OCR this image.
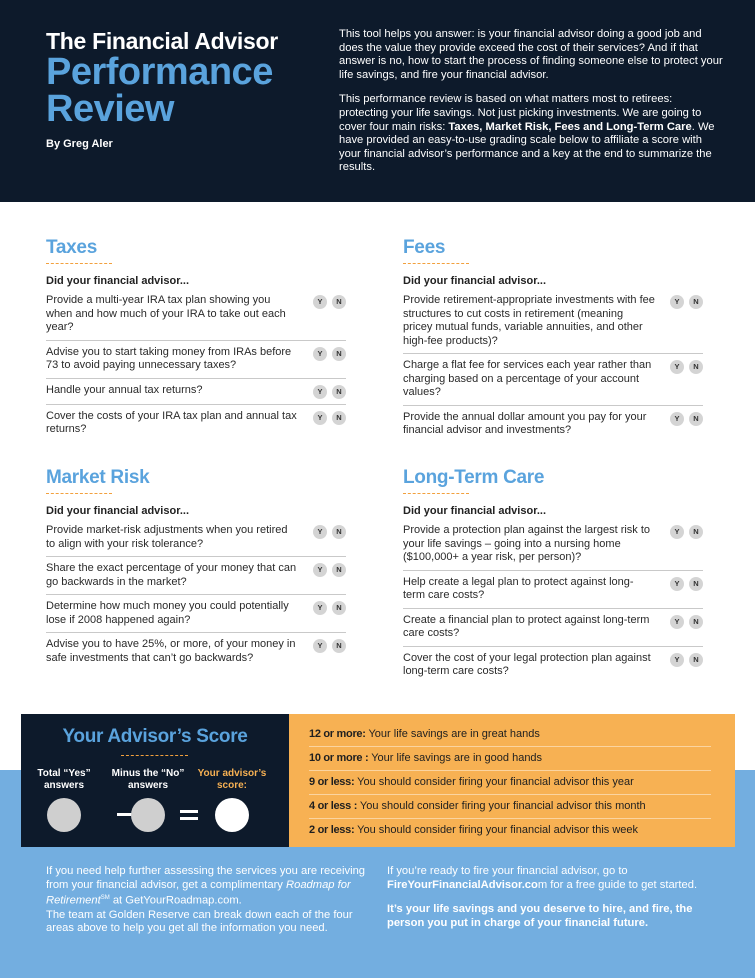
The Financial Advisor
Performance
Review
By Greg Aler

This tool helps you answer: is your financial advisor doing a good job and does the value they provide exceed the cost of their services? And if that answer is no, how to start the process of finding someone else to protect your life savings, and fire your financial advisor.

This performance review is based on what matters most to retirees: protecting your life savings. Not just picking investments. We are going to cover four main risks: Taxes, Market Risk, Fees and Long-Term Care. We have provided an easy-to-use grading scale below to affiliate a score with your financial advisor’s performance and a key at the end to summarize the results.

Taxes
Did your financial advisor...
Provide a multi-year IRA tax plan showing you when and how much of your IRA to take out each year?
Y	N
Advise you to start taking money from IRAs before 73 to avoid paying unnecessary taxes?
Y	N
Handle your annual tax returns?	Y	N
Cover the costs of your IRA tax plan and annual tax returns?
Y	N
Fees
Did your financial advisor...
Provide retirement-appropriate investments with fee structures to cut costs in retirement (meaning pricey mutual funds, variable annuities, and other high-fee products)?
Y	N
Charge a flat fee for services each year rather than charging based on a percentage of your account values?
Y	N
Provide the annual dollar amount you pay for your financial advisor and investments?
Y	N
Market Risk
Did your financial advisor...
Provide market-risk adjustments when you retired to align with your risk tolerance?
Y	N
Share the exact percentage of your money that can go backwards in the market?
Y	N
Determine how much money you could potentially lose if 2008 happened again?
Y	N
Advise you to have 25%, or more, of your money in safe investments that can’t go backwards?
Y	N
Long-Term Care
Did your financial advisor...
Provide a protection plan against the largest risk to your life savings – going into a nursing home ($100,000+ a year risk, per person)?
Y	N
Help create a legal plan to protect against long-term care costs?
Y	N
Create a financial plan to protect against long-term care costs?
Y	N
Cover the cost of your legal protection plan against long-term care costs?
Y	N
Your Advisor’s Score
Total “Yes” answers
Minus the “No” answers
Your advisor’s score:
12 or more: Your life savings are in great hands
10 or more : Your life savings are in good hands
9 or less: You should consider firing your financial advisor this year
4 or less : You should consider firing your financial advisor this month
2 or less: You should consider firing your financial advisor this week
If you need help further assessing the services you are receiving from your financial advisor, get a complimentary Roadmap for Retirement℠ at GetYourRoadmap.com.
The team at Golden Reserve can break down each of the four areas above to help you get all the information you need.

If you’re ready to fire your financial advisor, go to FireYourFinancialAdvisor.com for a free guide to get started.

It’s your life savings and you deserve to hire, and fire, the person you put in charge of your financial future.
